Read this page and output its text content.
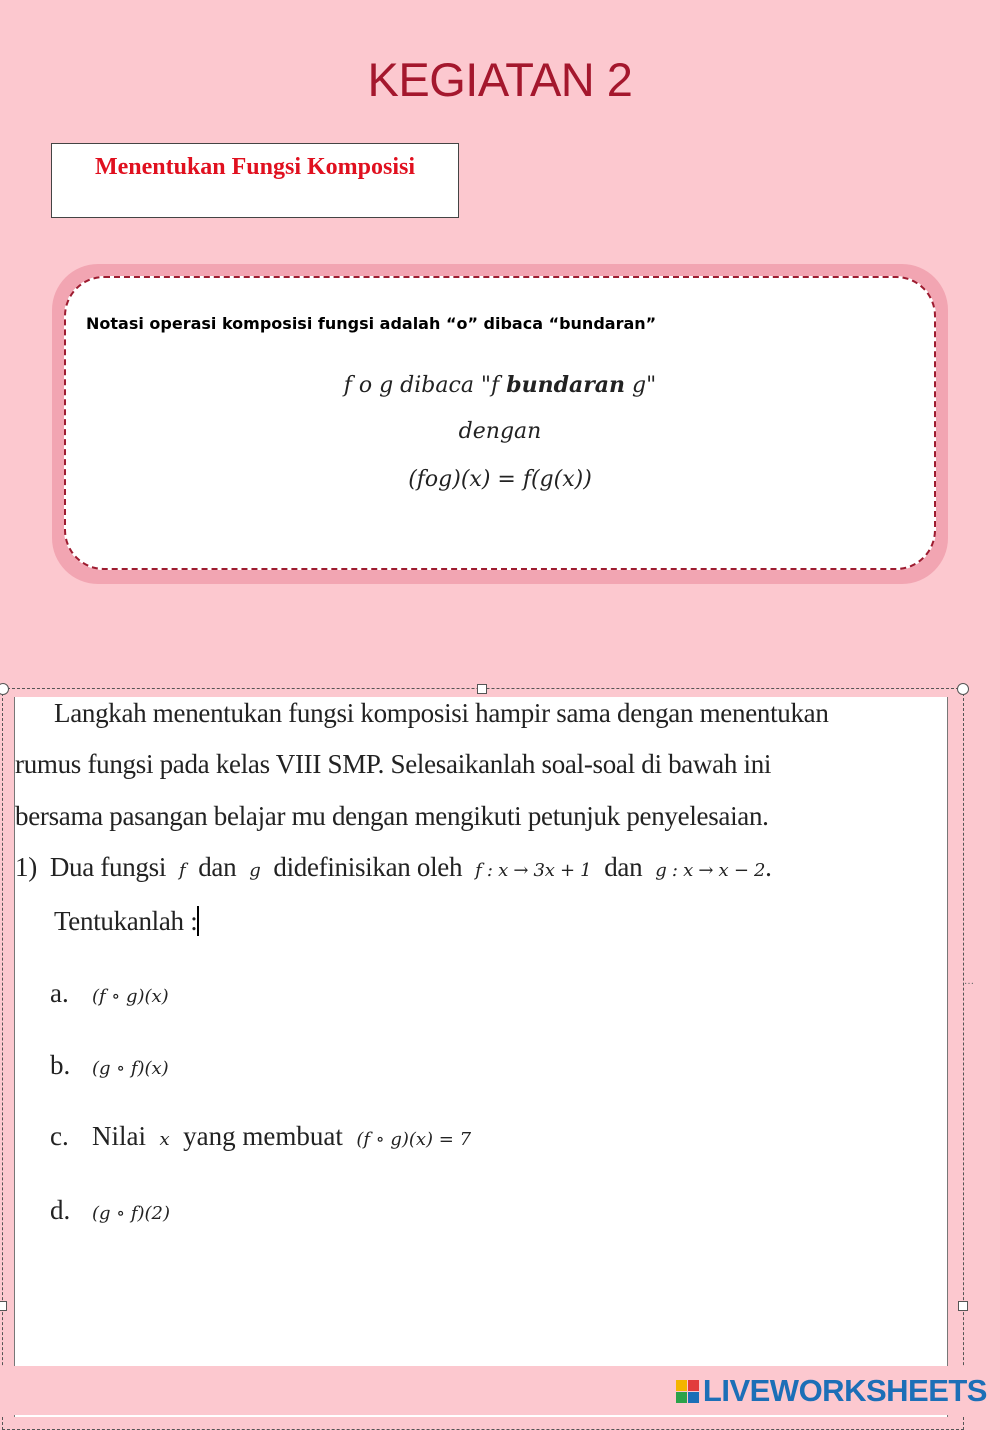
KEGIATAN 2
Menentukan Fungsi Komposisi
Notasi operasi komposisi fungsi adalah “o” dibaca “bundaran”
f o g dibaca "f bundaran g"
dengan
(fog)(x) = f(g(x))
…
Langkah menentukan fungsi komposisi hampir sama dengan menentukan
rumus fungsi pada kelas VIII SMP. Selesaikanlah soal-soal di bawah ini
bersama pasangan belajar mu dengan mengikuti petunjuk penyelesaian.
1) Dua fungsi f dan g didefinisikan oleh f : x → 3x + 1 dan g : x → x − 2.
Tentukanlah :
a. (f ∘ g)(x)
b. (g ∘ f)(x)
c. Nilai x yang membuat (f ∘ g)(x) = 7
d. (g ∘ f)(2)
LIVEWORKSHEETS
